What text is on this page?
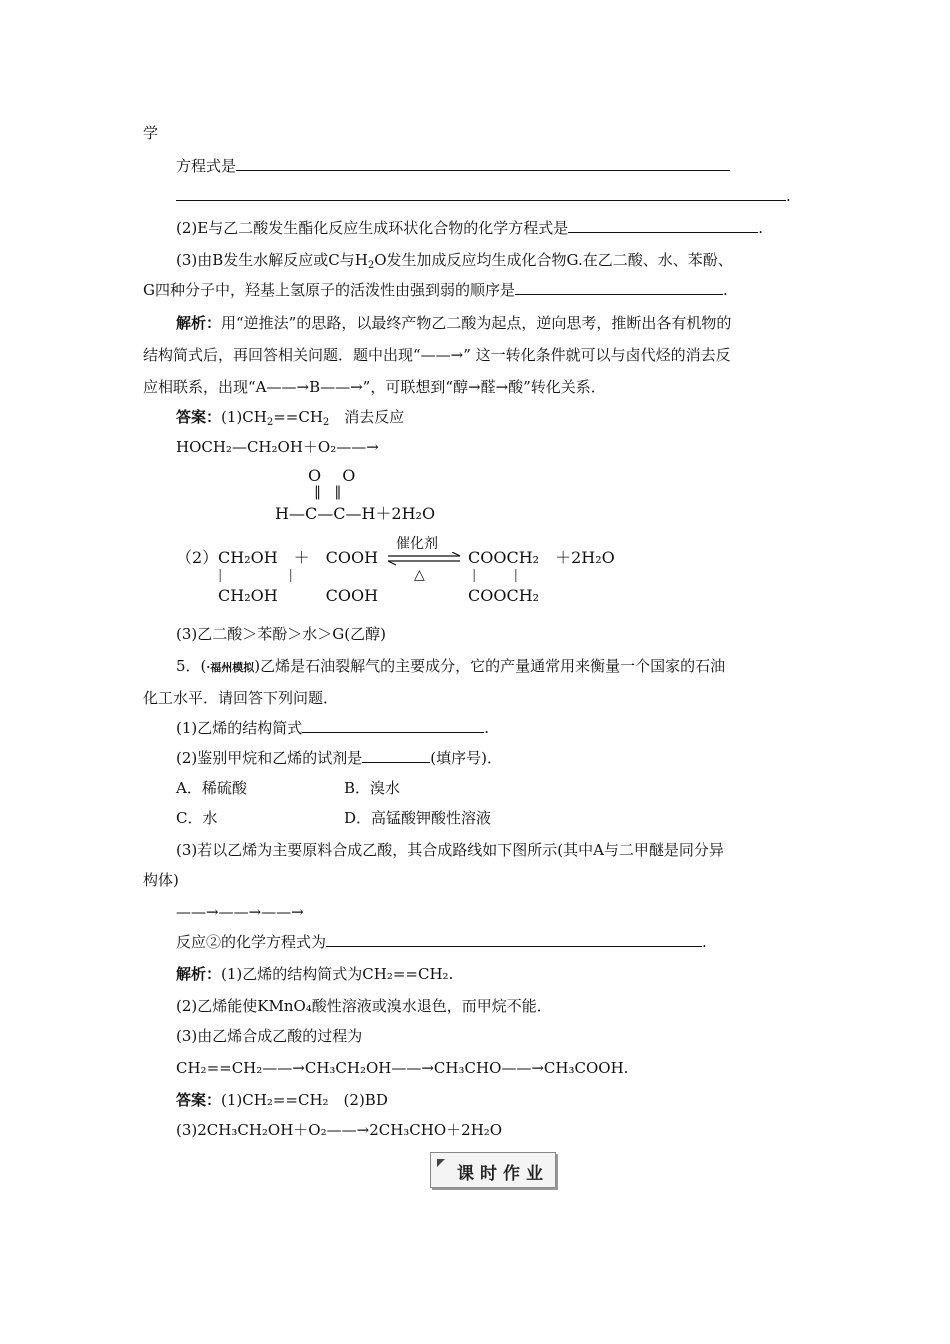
学
方程式是
.
(2)E与乙二酸发生酯化反应生成环状化合物的化学方程式是	.
(3)由B发生水解反应或C与$H_2O$发生加成反应均生成化合物G.在乙二酸、水、苯酚、
G四种分子中，羟基上氢原子的活泼性由强到弱的顺序是	.
解析：用“逆推法”的思路，以最终产物乙二酸为起点，逆向思考，推断出各有机物的
结构简式后，再回答相关问题．题中出现“——→” 这一转化条件就可以与卤代烃的消去反
应相联系，出现“A——→B——→”，可联想到“醇→醛→酸”转化关系．
答案：$(1)CH_2==CH_2$　消去反应
HOCH₂—CH₂OH＋O₂——→
O　 O
‖   ‖
H—C—C—H＋2H₂O
（2） CH₂OH　＋　COOH
|                |
CH₂OH　　　COOH
催化剂
△
COOCH₂　＋2H₂O
|         |
COOCH₂
(3)乙二酸＞苯酚＞水＞G(乙醇)
5．(·福州模拟)乙烯是石油裂解气的主要成分，它的产量通常用来衡量一个国家的石油
化工水平．请回答下列问题．
(1)乙烯的结构简式	.
(2)鉴别甲烷和乙烯的试剂是	(填序号)．
A．稀硫酸	B．溴水
C．水	D．高锰酸钾酸性溶液
(3)若以乙烯为主要原料合成乙酸，其合成路线如下图所示(其中A与二甲醚是同分异
构体)
——→——→——→
反应②的化学方程式为	.
解析：(1)乙烯的结构简式为CH₂==CH₂.
(2)乙烯能使KMnO₄酸性溶液或溴水退色，而甲烷不能．
(3)由乙烯合成乙酸的过程为
CH₂==CH₂——→CH₃CH₂OH——→CH₃CHO——→CH₃COOH.
答案：(1)CH₂==CH₂　(2)BD
(3)2CH₃CH₂OH＋O₂——→2CH₃CHO＋2H₂O
课时作业
